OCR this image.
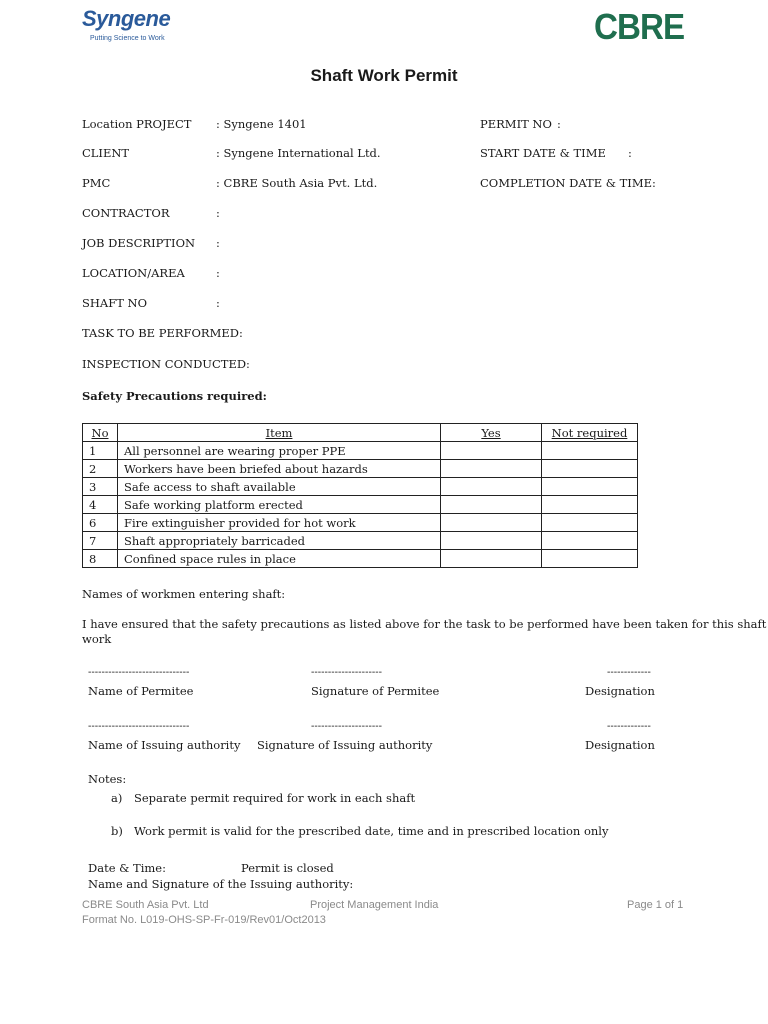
Syngene
Putting Science to Work	CBRE
Shaft Work Permit
Location PROJECT : Syngene 1401	PERMIT NO :
CLIENT	: Syngene International Ltd.	START DATE & TIME :
PMC	: CBRE South Asia Pvt. Ltd.	COMPLETION DATE & TIME:
CONTRACTOR	:
JOB DESCRIPTION :
LOCATION/AREA	:
SHAFT NO	:
TASK TO BE PERFORMED:
INSPECTION CONDUCTED:
Safety Precautions required:
No	Item	Yes	Not required
1	All personnel are wearing proper PPE		
2	Workers have been briefed about hazards		
3	Safe access to shaft available		
4	Safe working platform erected		
6	Fire extinguisher provided for hot work		
7	Shaft appropriately barricaded		
8	Confined space rules in place		
Names of workmen entering shaft:
I have ensured that the safety precautions as listed above for the task to be performed have been taken for this shaft
work
------------------------------	---------------------	-------------
Name of Permitee	Signature of Permitee	Designation
------------------------------	---------------------	-------------
Name of Issuing authority Signature of Issuing authority	Designation
Notes:
a) Separate permit required for work in each shaft
b) Work permit is valid for the prescribed date, time and in prescribed location only
Date & Time:	Permit is closed
Name and Signature of the Issuing authority:
CBRE South Asia Pvt. Ltd	Project Management India	Page 1 of 1
Format No. L019-OHS-SP-Fr-019/Rev01/Oct2013
